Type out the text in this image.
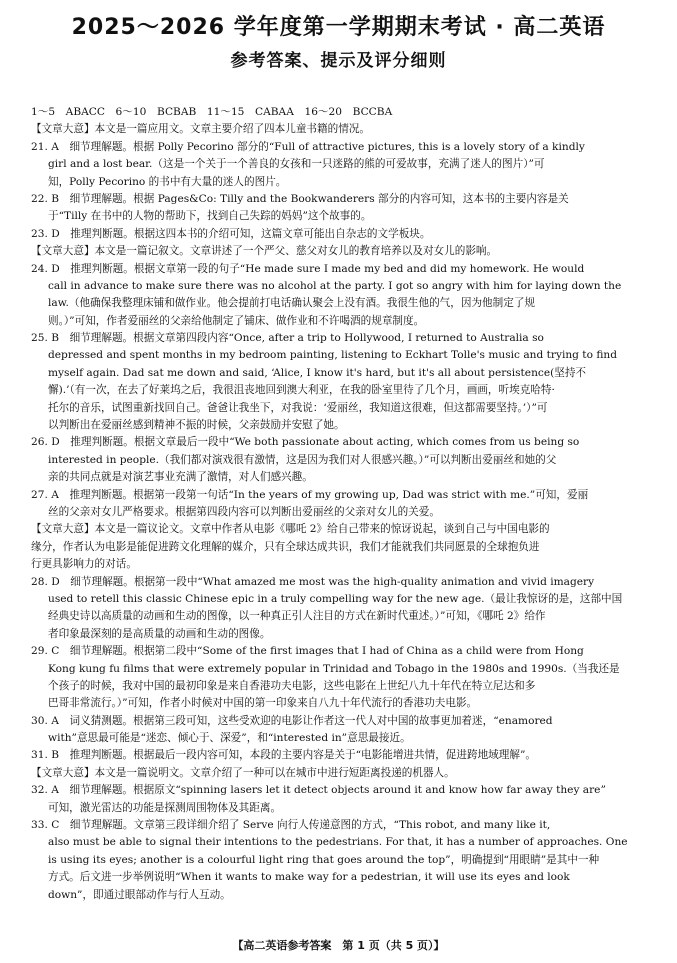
2025～2026 学年度第一学期期末考试 · 高二英语
参考答案、提示及评分细则
1～5　ABACC　6～10　BCBAB　11～15　CABAA　16～20　BCCBA
【文章大意】本文是一篇应用文。文章主要介绍了四本儿童书籍的情况。
21. A　细节理解题。根据 Polly Pecorino 部分的“Full of attractive pictures, this is a lovely story of a kindly
girl and a lost bear.（这是一个关于一个善良的女孩和一只迷路的熊的可爱故事，充满了迷人的图片）”可
知，Polly Pecorino 的书中有大量的迷人的图片。
22. B　细节理解题。根据 Pages&Co: Tilly and the Bookwanderers 部分的内容可知，这本书的主要内容是关
于“Tilly 在书中的人物的帮助下，找到自己失踪的妈妈”这个故事的。
23. D　推理判断题。根据这四本书的介绍可知，这篇文章可能出自杂志的文学板块。
【文章大意】本文是一篇记叙文。文章讲述了一个严父、慈父对女儿的教育培养以及对女儿的影响。
24. D　推理判断题。根据文章第一段的句子“He made sure I made my bed and did my homework. He would
call in advance to make sure there was no alcohol at the party. I got so angry with him for laying down the
law.（他确保我整理床铺和做作业。他会提前打电话确认聚会上没有酒。我很生他的气，因为他制定了规
则。）”可知，作者爱丽丝的父亲给他制定了铺床、做作业和不许喝酒的规章制度。
25. B　细节理解题。根据文章第四段内容“Once, after a trip to Hollywood, I returned to Australia so
depressed and spent months in my bedroom painting, listening to Eckhart Tolle's music and trying to find
myself again. Dad sat me down and said, ‘Alice, I know it's hard, but it's all about persistence(坚持不
懈).’（有一次，在去了好莱坞之后，我很沮丧地回到澳大利亚，在我的卧室里待了几个月，画画，听埃克哈特·
托尔的音乐，试图重新找回自己。爸爸让我坐下，对我说：‘爱丽丝，我知道这很难，但这都需要坚持。’）”可
以判断出在爱丽丝感到精神不振的时候，父亲鼓励并安慰了她。
26. D　推理判断题。根据文章最后一段中“We both passionate about acting, which comes from us being so
interested in people.（我们都对演戏很有激情，这是因为我们对人很感兴趣。）”可以判断出爱丽丝和她的父
亲的共同点就是对演艺事业充满了激情，对人们感兴趣。
27. A　推理判断题。根据第一段第一句话“In the years of my growing up, Dad was strict with me.”可知，爱丽
丝的父亲对女儿严格要求。根据第四段内容可以判断出爱丽丝的父亲对女儿的关爱。
【文章大意】本文是一篇议论文。文章中作者从电影《哪吒 2》给自己带来的惊讶说起，谈到自己与中国电影的
缘分，作者认为电影是能促进跨文化理解的媒介，只有全球达成共识，我们才能就我们共同愿景的全球抱负进
行更具影响力的对话。
28. D　细节理解题。根据第一段中“What amazed me most was the high-quality animation and vivid imagery
used to retell this classic Chinese epic in a truly compelling way for the new age.（最让我惊讶的是，这部中国
经典史诗以高质量的动画和生动的图像，以一种真正引人注目的方式在新时代重述。）”可知，《哪吒 2》给作
者印象最深刻的是高质量的动画和生动的图像。
29. C　细节理解题。根据第二段中“Some of the first images that I had of China as a child were from Hong
Kong kung fu films that were extremely popular in Trinidad and Tobago in the 1980s and 1990s.（当我还是
个孩子的时候，我对中国的最初印象是来自香港功夫电影，这些电影在上世纪八九十年代在特立尼达和多
巴哥非常流行。）”可知，作者小时候对中国的第一印象来自八九十年代流行的香港功夫电影。
30. A　词义猜测题。根据第三段可知，这些受欢迎的电影让作者这一代人对中国的故事更加着迷，“enamored
with”意思最可能是“迷恋、倾心于、深爱”，和“interested in”意思最接近。
31. B　推理判断题。根据最后一段内容可知，本段的主要内容是关于“电影能增进共情，促进跨地域理解”。
【文章大意】本文是一篇说明文。文章介绍了一种可以在城市中进行短距离投递的机器人。
32. A　细节理解题。根据原文“spinning lasers let it detect objects around it and know how far away they are”
可知，激光雷达的功能是探测周围物体及其距离。
33. C　细节理解题。文章第三段详细介绍了 Serve 向行人传递意图的方式，“This robot, and many like it,
also must be able to signal their intentions to the pedestrians. For that, it has a number of approaches. One
is using its eyes; another is a colourful light ring that goes around the top”，明确提到“用眼睛”是其中一种
方式。后文进一步举例说明“When it wants to make way for a pedestrian, it will use its eyes and look
down”，即通过眼部动作与行人互动。
【高二英语参考答案　第 1 页（共 5 页）】
